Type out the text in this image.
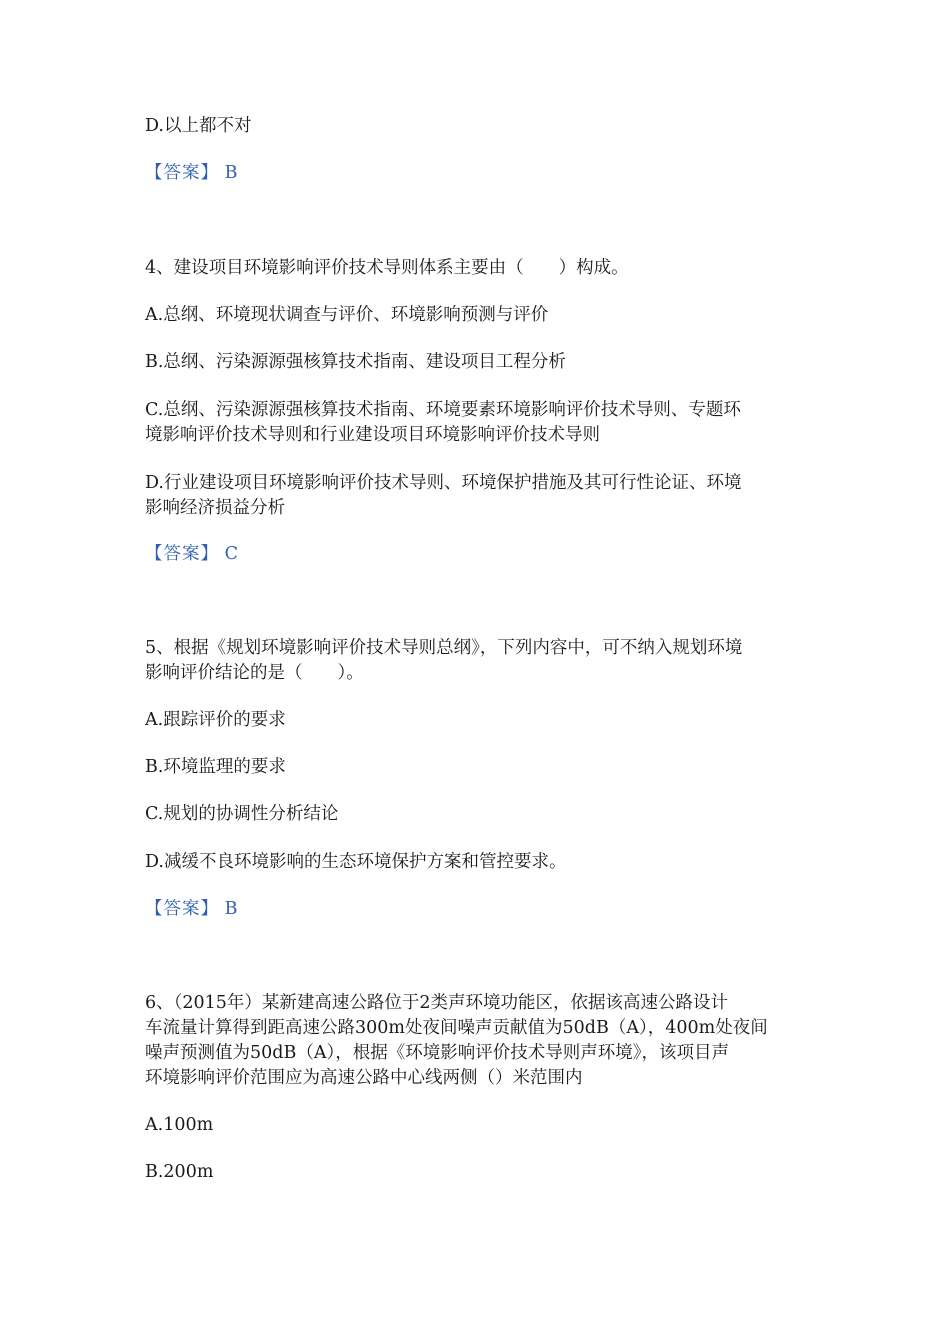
D.以上都不对
【答案】 B
4、建设项目环境影响评价技术导则体系主要由（　　）构成。
A.总纲、环境现状调查与评价、环境影响预测与评价
B.总纲、污染源源强核算技术指南、建设项目工程分析
C.总纲、污染源源强核算技术指南、环境要素环境影响评价技术导则、专题环
境影响评价技术导则和行业建设项目环境影响评价技术导则
D.行业建设项目环境影响评价技术导则、环境保护措施及其可行性论证、环境
影响经济损益分析
【答案】 C
5、根据《规划环境影响评价技术导则总纲》，下列内容中，可不纳入规划环境
影响评价结论的是（　　）。
A.跟踪评价的要求
B.环境监理的要求
C.规划的协调性分析结论
D.减缓不良环境影响的生态环境保护方案和管控要求。
【答案】 B
6、（2015年）某新建高速公路位于2类声环境功能区，依据该高速公路设计
车流量计算得到距高速公路300m处夜间噪声贡献值为50dB（A），400m处夜间
噪声预测值为50dB（A），根据《环境影响评价技术导则声环境》，该项目声
环境影响评价范围应为高速公路中心线两侧（）米范围内
A.100m
B.200m
